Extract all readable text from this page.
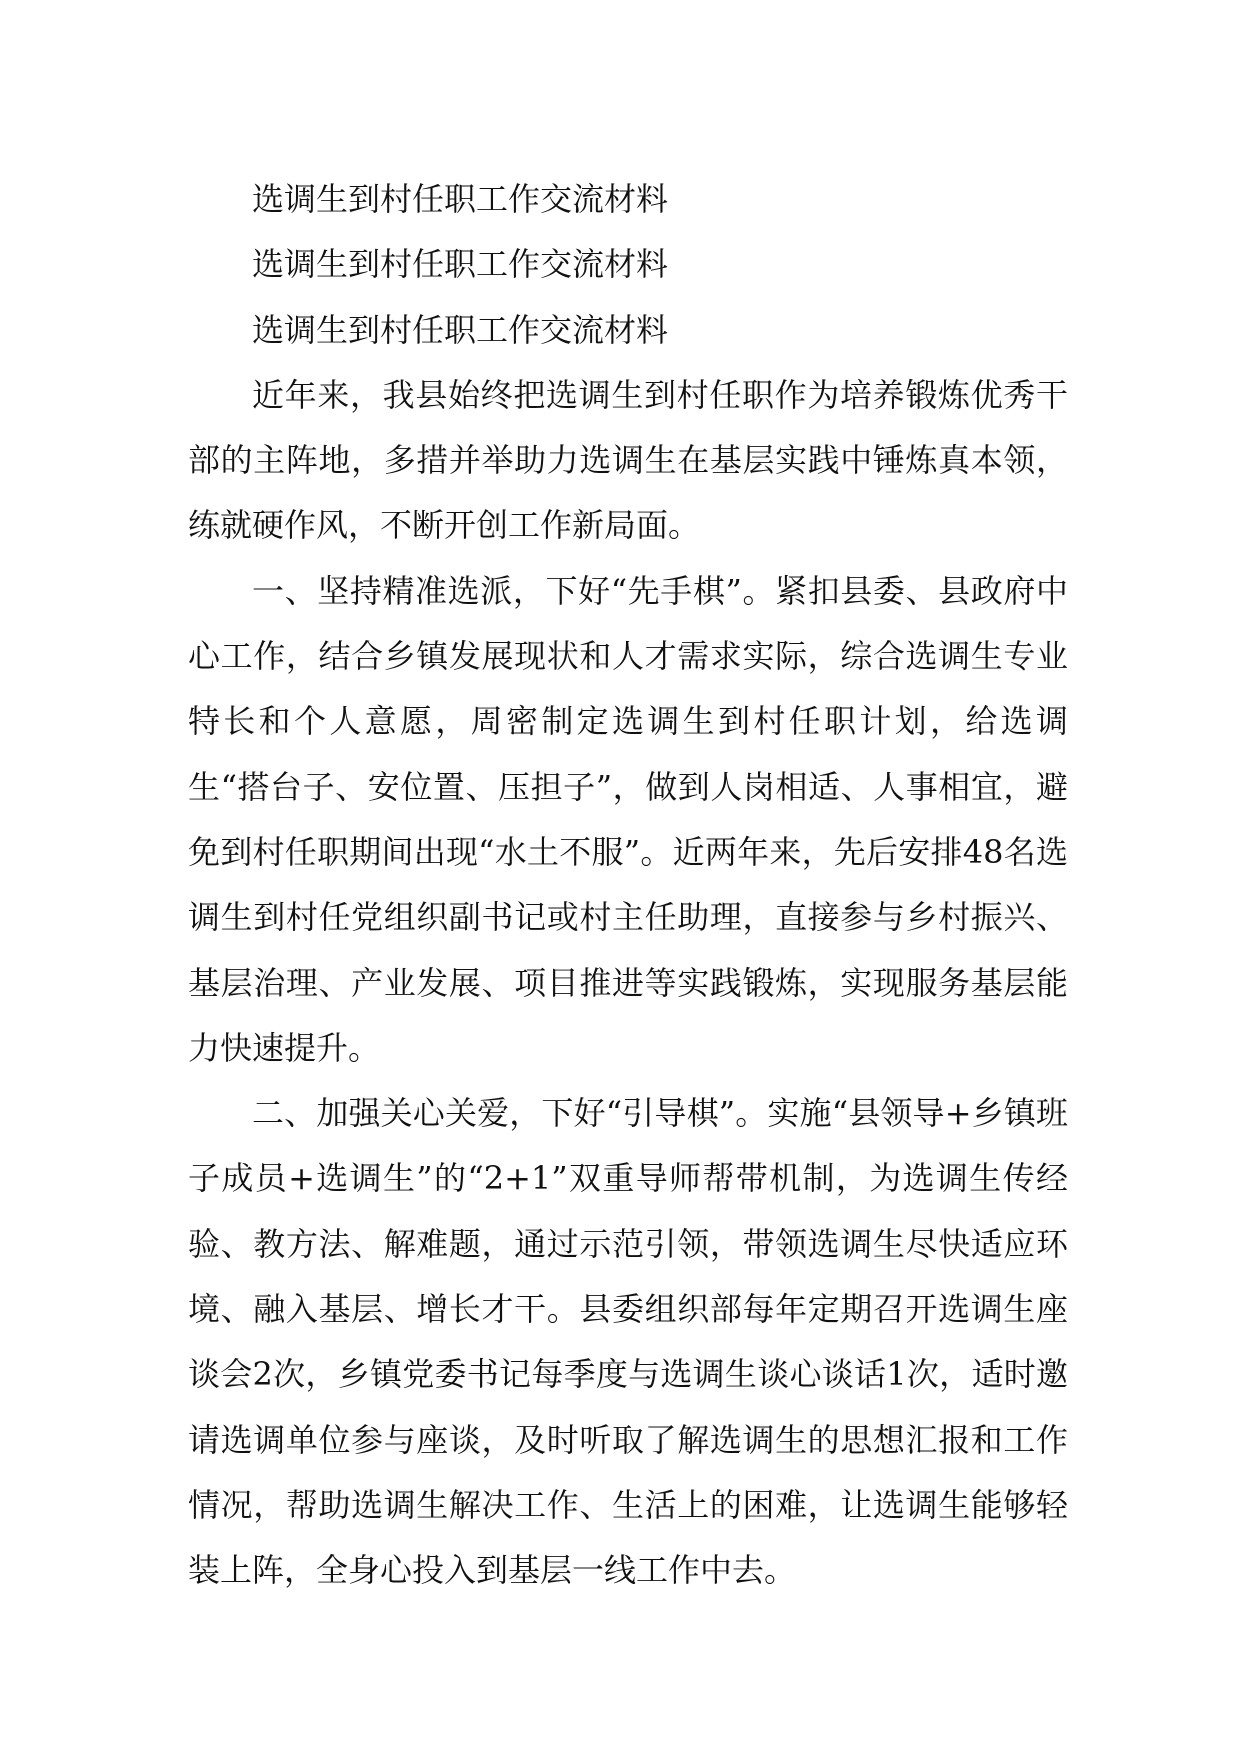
选调生到村任职工作交流材料

选调生到村任职工作交流材料

选调生到村任职工作交流材料

近年来，我县始终把选调生到村任职作为培养锻炼优秀干部的主阵地，多措并举助力选调生在基层实践中锤炼真本领，练就硬作风，不断开创工作新局面。

一、坚持精准选派，下好“先手棋”。紧扣县委、县政府中心工作，结合乡镇发展现状和人才需求实际，综合选调生专业特长和个人意愿，周密制定选调生到村任职计划，给选调生“搭台子、安位置、压担子”，做到人岗相适、人事相宜，避免到村任职期间出现“水土不服”。近两年来，先后安排48名选调生到村任党组织副书记或村主任助理，直接参与乡村振兴、基层治理、产业发展、项目推进等实践锻炼，实现服务基层能力快速提升。

二、加强关心关爱，下好“引导棋”。实施“县领导+乡镇班子成员+选调生”的“2+1”双重导师帮带机制，为选调生传经验、教方法、解难题，通过示范引领，带领选调生尽快适应环境、融入基层、增长才干。县委组织部每年定期召开选调生座谈会2次，乡镇党委书记每季度与选调生谈心谈话1次，适时邀请选调单位参与座谈，及时听取了解选调生的思想汇报和工作情况，帮助选调生解决工作、生活上的困难，让选调生能够轻装上阵，全身心投入到基层一线工作中去。
